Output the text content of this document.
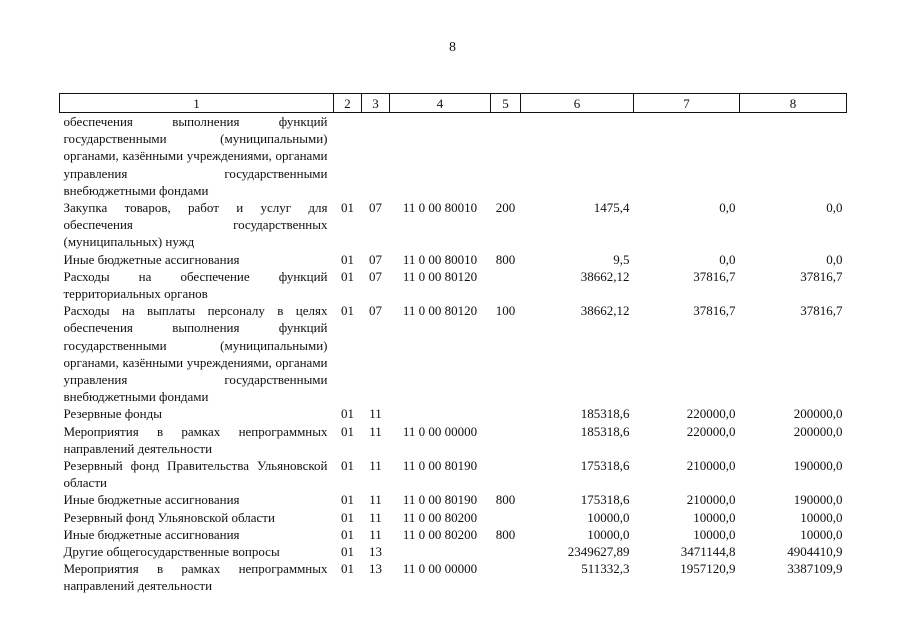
8
1	2	3	4	5	6	7	8
обеспечения выполнения функций государственными (муниципальными) органами, казёнными учреждениями, органами управления государственными внебюджетными фондами							
Закупка товаров, работ и услуг для обеспечения государственных (муниципальных) нужд	01	07	11 0 00 80010	200	1475,4	0,0	0,0
Иные бюджетные ассигнования	01	07	11 0 00 80010	800	9,5	0,0	0,0
Расходы на обеспечение функций территориальных органов	01	07	11 0 00 80120		38662,12	37816,7	37816,7
Расходы на выплаты персоналу в целях обеспечения выполнения функций государственными (муниципальными) органами, казёнными учреждениями, органами управления государственными внебюджетными фондами	01	07	11 0 00 80120	100	38662,12	37816,7	37816,7
Резервные фонды	01	11			185318,6	220000,0	200000,0
Мероприятия в рамках непрограммных направлений деятельности	01	11	11 0 00 00000		185318,6	220000,0	200000,0
Резервный фонд Правительства Ульяновской области	01	11	11 0 00 80190		175318,6	210000,0	190000,0
Иные бюджетные ассигнования	01	11	11 0 00 80190	800	175318,6	210000,0	190000,0
Резервный фонд Ульяновской области	01	11	11 0 00 80200		10000,0	10000,0	10000,0
Иные бюджетные ассигнования	01	11	11 0 00 80200	800	10000,0	10000,0	10000,0
Другие общегосударственные вопросы	01	13			2349627,89	3471144,8	4904410,9
Мероприятия в рамках непрограммных направлений деятельности	01	13	11 0 00 00000		511332,3	1957120,9	3387109,9
